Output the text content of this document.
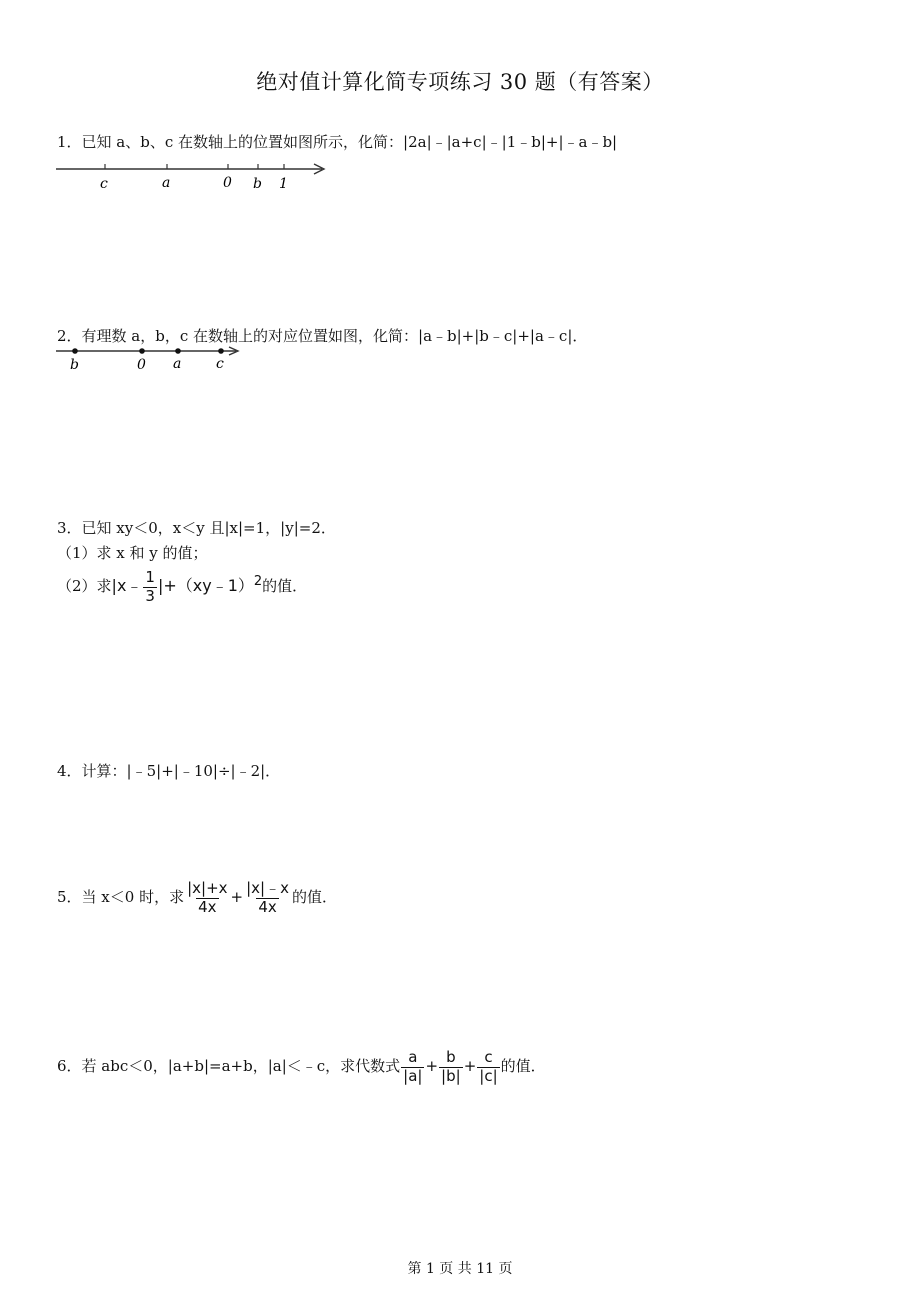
绝对值计算化简专项练习 30 题（有答案）
1．已知 a、b、c 在数轴上的位置如图所示，化简：|2a|﹣|a+c|﹣|1﹣b|+|﹣a﹣b|
c	a	0 b 1
2．有理数 a，b，c 在数轴上的对应位置如图，化简：|a﹣b|+|b﹣c|+|a﹣c|．
b	0 a c
3．已知 xy＜0，x＜y 且|x|=1，|y|=2．
（1）求 x 和 y 的值；
（2）求|x﹣ $\frac{1}{3}$ |+（xy﹣1）$^2$的值．
4．计算：|﹣5|+|﹣10|÷|﹣2|．
5．当 x＜0 时，求 $\frac{|x|+x}{4x} + \frac{|x|﹣x}{4x}$ 的值．
6．若 abc＜0，|a+b|=a+b，|a|＜﹣c，求代数式 $\frac{a}{|a|} + \frac{b}{|b|} + \frac{c}{|c|}$ 的值．
第 1 页 共 11 页
